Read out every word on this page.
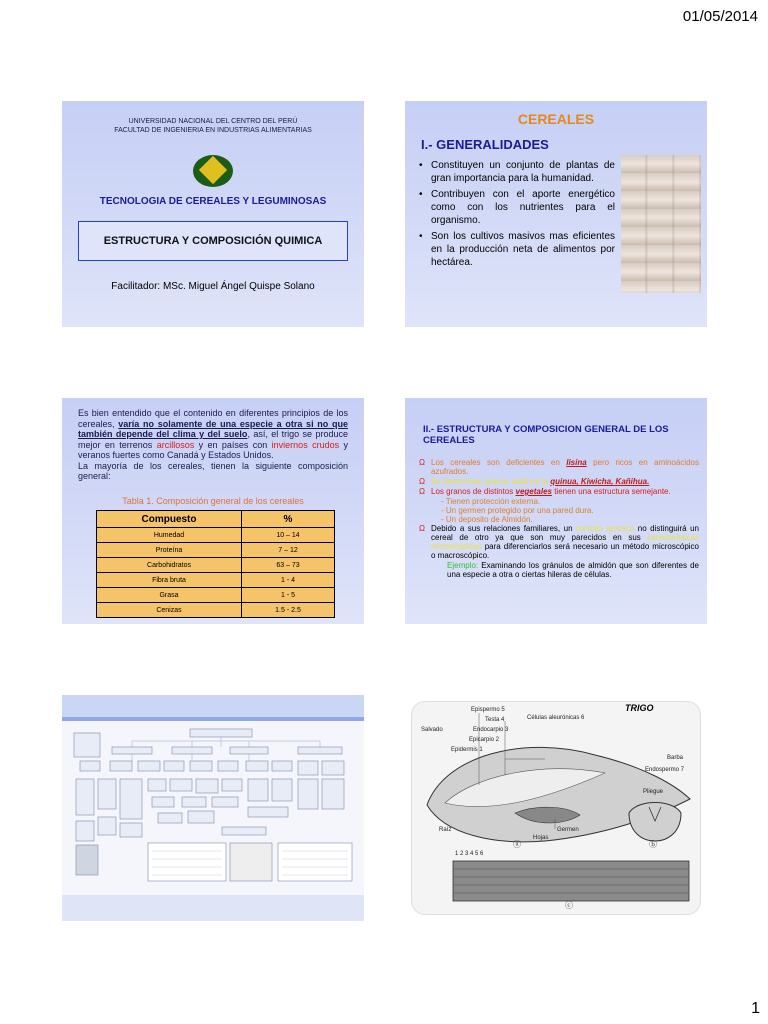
01/05/2014
UNIVERSIDAD NACIONAL DEL CENTRO DEL PERÚ
FACULTAD DE INGENIERIA EN INDUSTRIAS ALIMENTARIAS
TECNOLOGIA DE CEREALES Y LEGUMINOSAS
ESTRUCTURA Y COMPOSICIÓN QUIMICA
Facilitador: MSc. Miguel Ángel Quispe Solano
CEREALES
I.- GENERALIDADES
• Constituyen un conjunto de plantas de gran importancia para la humanidad.
• Contribuyen con el aporte energético como con los nutrientes para el organismo.
• Son los cultivos masivos mas eficientes en la producción neta de alimentos por hectárea.
Es bien entendido que el contenido en diferentes principios de los cereales, varía no solamente de una especie a otra si no que también depende del clima y del suelo, así, el trigo se produce mejor en terrenos arcillosos y en países con inviernos crudos y veranos fuertes como Canadá y Estados Unidos.
La mayoría de los cereales, tienen la siguiente composición general:
Tabla 1. Composición general de los cereales
Compuesto	%
Humedad	10 – 14
Proteína	7 – 12
Carbohidratos	63 – 73
Fibra bruta	1 - 4
Grasa	1 - 5
Cenizas	1.5 - 2.5
II.- ESTRUCTURA Y COMPOSICION GENERAL DE LOS CEREALES
Ω Los cereales son deficientes en lisina pero ricos en aminoácidos azufrados.
Ω Se denominan granos andinos la quinua, Kiwicha, Kañihua.
Ω Los granos de distintos vegetales tienen una estructura semejante.
- Tienen protección externa.
- Un germen protegido por una pared dura.
- Un deposito de Almidón.
Ω Debido a sus relaciones familiares, un método químico no distinguirá un cereal de otro ya que son muy parecidos en sus características microscópicas para diferenciarlos será necesario un método microscópico o macroscópico.
Ejemplo: Examinando los gránulos de almidón que son diferentes de una especie a otra o ciertas hileras de células.
TRIGO
Epispermo 5
Testa 4	Células aleurónicas 6
Salvado	Endocarpio 3
Epicarpio 2
Epidermis 1
Barba
Endospermo 7
Pliegue
Raíz	Germen
Hojas
1 2 3 4 5 6
ⓐ	ⓑ
ⓒ
1
